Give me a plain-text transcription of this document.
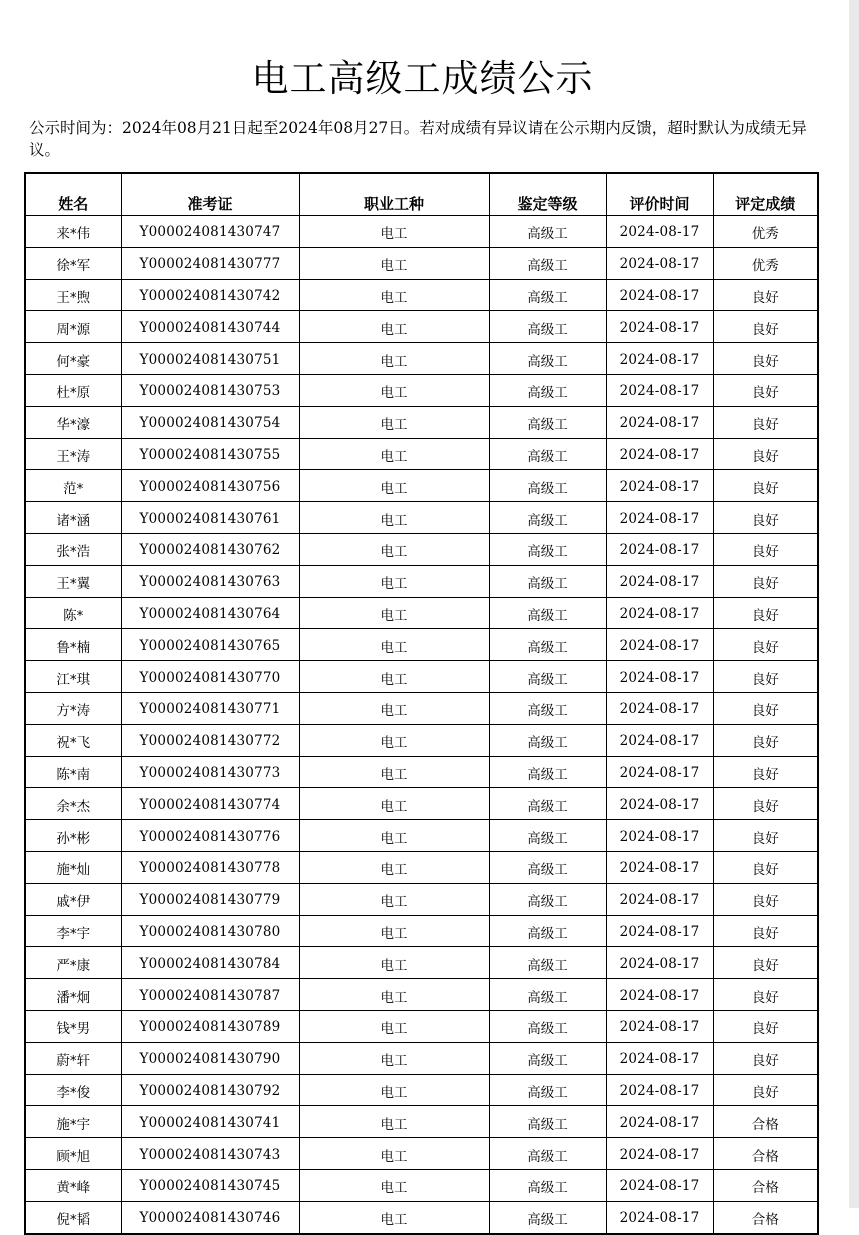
电工高级工成绩公示
公示时间为：2024年08月21日起至2024年08月27日。若对成绩有异议请在公示期内反馈，超时默认为成绩无异议。
姓名	准考证	职业工种	鉴定等级	评价时间	评定成绩
来*伟	Y000024081430747	电工	高级工	2024-08-17	优秀
徐*军	Y000024081430777	电工	高级工	2024-08-17	优秀
王*煦	Y000024081430742	电工	高级工	2024-08-17	良好
周*源	Y000024081430744	电工	高级工	2024-08-17	良好
何*豪	Y000024081430751	电工	高级工	2024-08-17	良好
杜*原	Y000024081430753	电工	高级工	2024-08-17	良好
华*濠	Y000024081430754	电工	高级工	2024-08-17	良好
王*涛	Y000024081430755	电工	高级工	2024-08-17	良好
范*	Y000024081430756	电工	高级工	2024-08-17	良好
诸*涵	Y000024081430761	电工	高级工	2024-08-17	良好
张*浩	Y000024081430762	电工	高级工	2024-08-17	良好
王*翼	Y000024081430763	电工	高级工	2024-08-17	良好
陈*	Y000024081430764	电工	高级工	2024-08-17	良好
鲁*楠	Y000024081430765	电工	高级工	2024-08-17	良好
江*琪	Y000024081430770	电工	高级工	2024-08-17	良好
方*涛	Y000024081430771	电工	高级工	2024-08-17	良好
祝*飞	Y000024081430772	电工	高级工	2024-08-17	良好
陈*南	Y000024081430773	电工	高级工	2024-08-17	良好
余*杰	Y000024081430774	电工	高级工	2024-08-17	良好
孙*彬	Y000024081430776	电工	高级工	2024-08-17	良好
施*灿	Y000024081430778	电工	高级工	2024-08-17	良好
戚*伊	Y000024081430779	电工	高级工	2024-08-17	良好
李*宇	Y000024081430780	电工	高级工	2024-08-17	良好
严*康	Y000024081430784	电工	高级工	2024-08-17	良好
潘*炯	Y000024081430787	电工	高级工	2024-08-17	良好
钱*男	Y000024081430789	电工	高级工	2024-08-17	良好
蔚*轩	Y000024081430790	电工	高级工	2024-08-17	良好
李*俊	Y000024081430792	电工	高级工	2024-08-17	良好
施*宇	Y000024081430741	电工	高级工	2024-08-17	合格
顾*旭	Y000024081430743	电工	高级工	2024-08-17	合格
黄*峰	Y000024081430745	电工	高级工	2024-08-17	合格
倪*韬	Y000024081430746	电工	高级工	2024-08-17	合格
